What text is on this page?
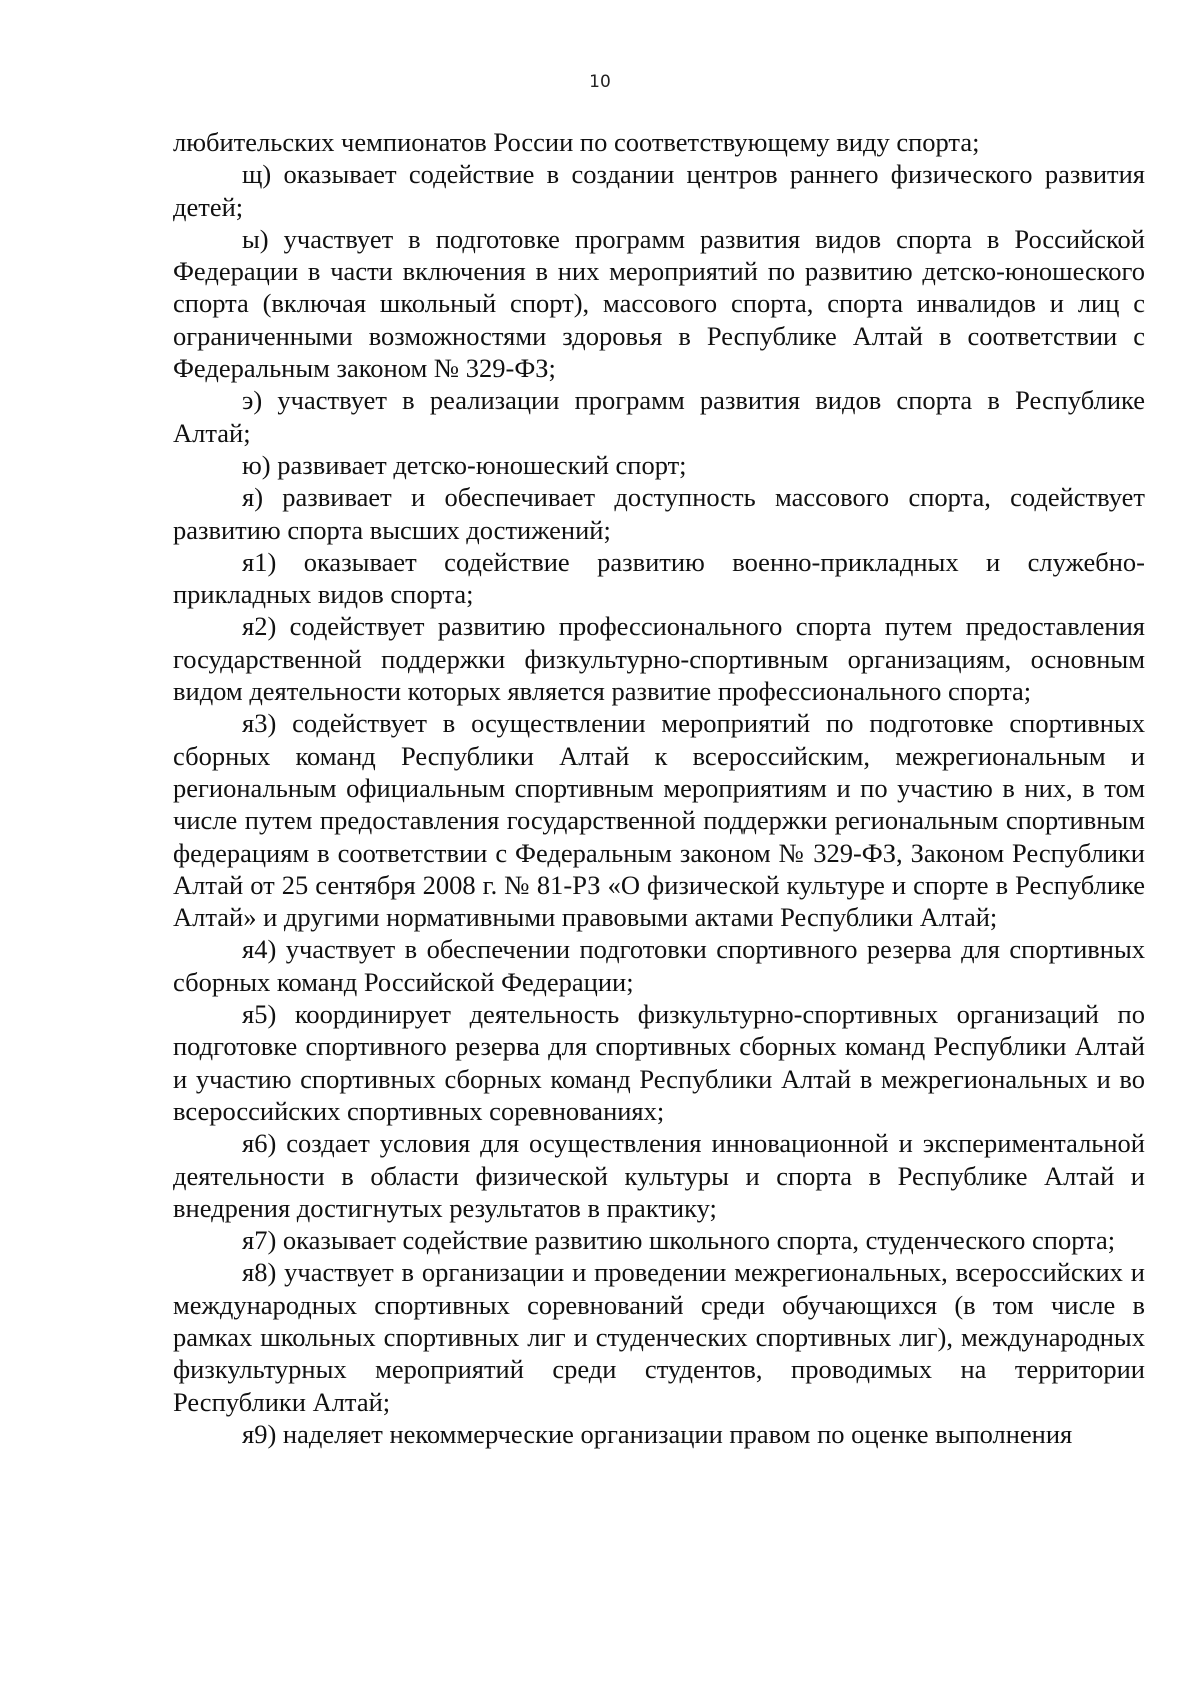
10

любительских чемпионатов России по соответствующему виду спорта;

щ) оказывает содействие в создании центров раннего физического развития детей;

ы) участвует в подготовке программ развития видов спорта в Российской Федерации в части включения в них мероприятий по развитию детско-юношеского спорта (включая школьный спорт), массового спорта, спорта инвалидов и лиц с ограниченными возможностями здоровья в Республике Алтай в соответствии с Федеральным законом № 329-ФЗ;

э) участвует в реализации программ развития видов спорта в Республике Алтай;

ю) развивает детско-юношеский спорт;

я) развивает и обеспечивает доступность массового спорта, содействует развитию спорта высших достижений;

я1) оказывает содействие развитию военно-прикладных и служебно-прикладных видов спорта;

я2) содействует развитию профессионального спорта путем предоставления государственной поддержки физкультурно-спортивным организациям, основным видом деятельности которых является развитие профессионального спорта;

я3) содействует в осуществлении мероприятий по подготовке спортивных сборных команд Республики Алтай к всероссийским, межрегиональным и региональным официальным спортивным мероприятиям и по участию в них, в том числе путем предоставления государственной поддержки региональным спортивным федерациям в соответствии с Федеральным законом № 329-ФЗ, Законом Республики Алтай от 25 сентября 2008 г. № 81-РЗ «О физической культуре и спорте в Республике Алтай» и другими нормативными правовыми актами Республики Алтай;

я4) участвует в обеспечении подготовки спортивного резерва для спортивных сборных команд Российской Федерации;

я5) координирует деятельность физкультурно-спортивных организаций по подготовке спортивного резерва для спортивных сборных команд Республики Алтай и участию спортивных сборных команд Республики Алтай в межрегиональных и во всероссийских спортивных соревнованиях;

я6) создает условия для осуществления инновационной и экспериментальной деятельности в области физической культуры и спорта в Республике Алтай и внедрения достигнутых результатов в практику;

я7) оказывает содействие развитию школьного спорта, студенческого спорта;

я8) участвует в организации и проведении межрегиональных, всероссийских и международных спортивных соревнований среди обучающихся (в том числе в рамках школьных спортивных лиг и студенческих спортивных лиг), международных физкультурных мероприятий среди студентов, проводимых на территории Республики Алтай;

я9) наделяет некоммерческие организации правом по оценке выполнения
